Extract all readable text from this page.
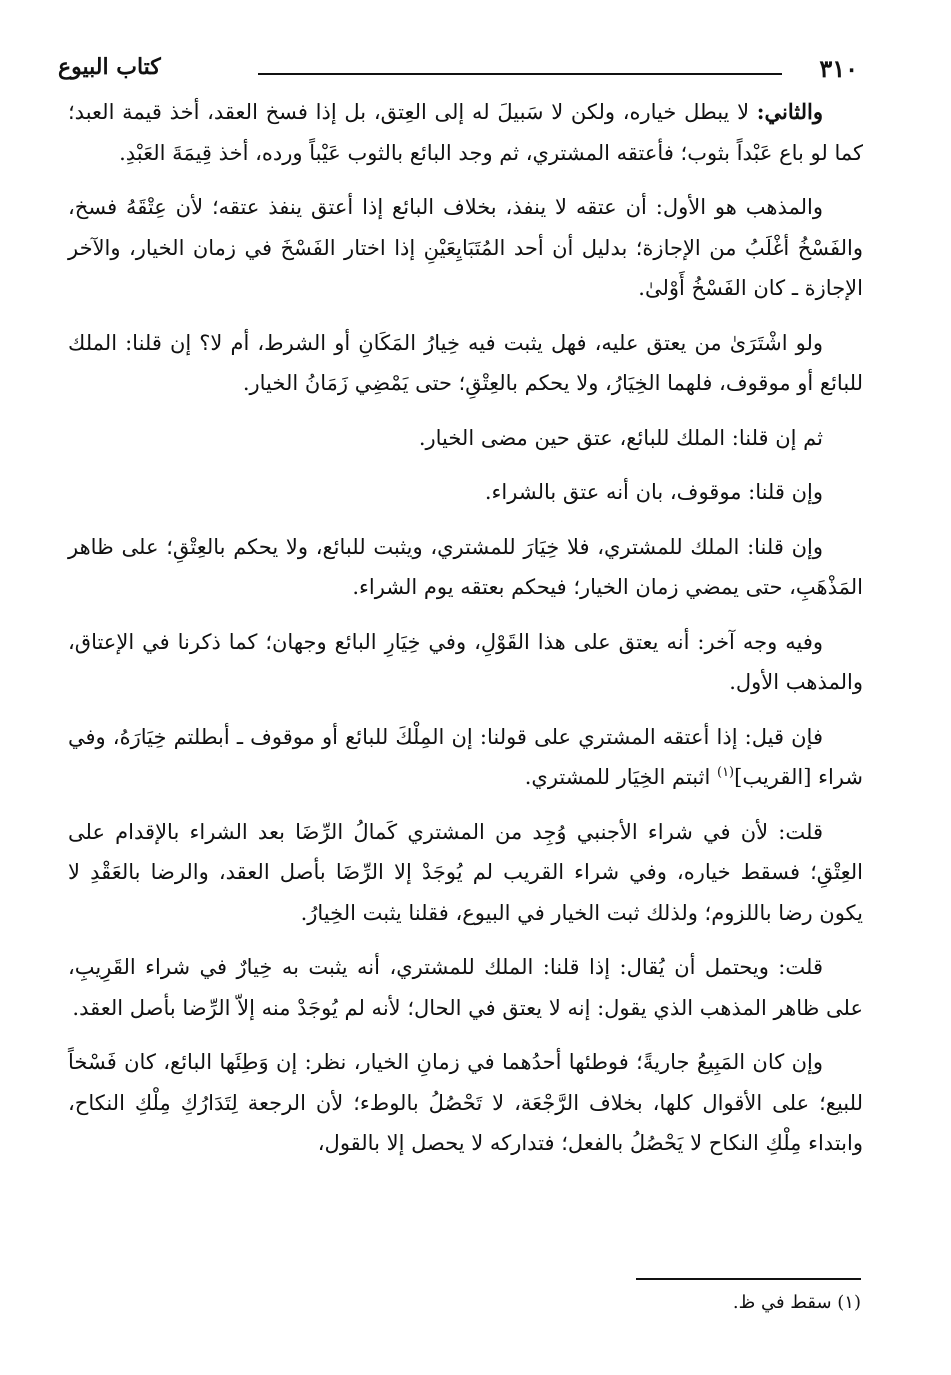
٣١٠
كتاب البيوع

والثاني: لا يبطل خياره، ولكن لا سَبيلَ له إلى العِتق، بل إذا فسخ العقد، أخذ قيمة العبد؛ كما لو باع عَبْداً بثوب؛ فأعتقه المشتري، ثم وجد البائع بالثوب عَيْباً ورده، أخذ قِيمَةَ العَبْدِ.

والمذهب هو الأول: أن عتقه لا ينفذ، بخلاف البائع إذا أعتق ينفذ عتقه؛ لأن عِتْقَهُ فسخ، والفَسْخُ أغْلَبُ من الإجازة؛ بدليل أن أحد المُتَبَايِعَيْنِ إذا اختار الفَسْخَ في زمان الخيار، والآخر الإجازة ـ كان الفَسْخُ أَوْلىٰ.

ولو اشْتَرَىٰ من يعتق عليه، فهل يثبت فيه خِيارُ المَكَانِ أو الشرط، أم لا؟ إن قلنا: الملك للبائع أو موقوف، فلهما الخِيَارُ، ولا يحكم بالعِتْقِ؛ حتى يَمْضِي زَمَانُ الخيار.

ثم إن قلنا: الملك للبائع، عتق حين مضى الخيار.

وإن قلنا: موقوف، بان أنه عتق بالشراء.

وإن قلنا: الملك للمشتري، فلا خِيَارَ للمشتري، ويثبت للبائع، ولا يحكم بالعِتْقِ؛ على ظاهر المَذْهَبِ، حتى يمضي زمان الخيار؛ فيحكم بعتقه يوم الشراء.

وفيه وجه آخر: أنه يعتق على هذا القَوْلِ، وفي خِيَارِ البائع وجهان؛ كما ذكرنا في الإعتاق، والمذهب الأول.

فإن قيل: إذا أعتقه المشتري على قولنا: إن المِلْكَ للبائع أو موقوف ـ أبطلتم خِيَارَهُ، وفي شراء [القريب]$^{(١)}$ اثبتم الخِيَار للمشتري.

قلت: لأن في شراء الأجنبي وُجِد من المشتري كَمالُ الرِّضَا بعد الشراء بالإقدام على العِتْقِ؛ فسقط خياره، وفي شراء القريب لم يُوجَدْ إلا الرِّضَا بأصل العقد، والرضا بالعَقْدِ لا يكون رضا باللزوم؛ ولذلك ثبت الخيار في البيوع، فقلنا يثبت الخِيارُ.

قلت: ويحتمل أن يُقال: إذا قلنا: الملك للمشتري، أنه يثبت به خِيارٌ في شراء القَرِيبِ، على ظاهر المذهب الذي يقول: إنه لا يعتق في الحال؛ لأنه لم يُوجَدْ منه إلاّ الرِّضا بأصل العقد.

وإن كان المَبِيعُ جاريةً؛ فوطئها أحدُهما في زمانِ الخيار، نظر: إن وَطِئَها البائع، كان فَسْخاً للبيع؛ على الأقوال كلها، بخلاف الرَّجْعَة، لا تَحْصُلُ بالوطء؛ لأن الرجعة لِتَدَارُكِ مِلْكِ النكاح، وابتداء مِلْكِ النكاح لا يَحْصُلُ بالفعل؛ فتداركه لا يحصل إلا بالقول،

(١) سقط في ظ.
